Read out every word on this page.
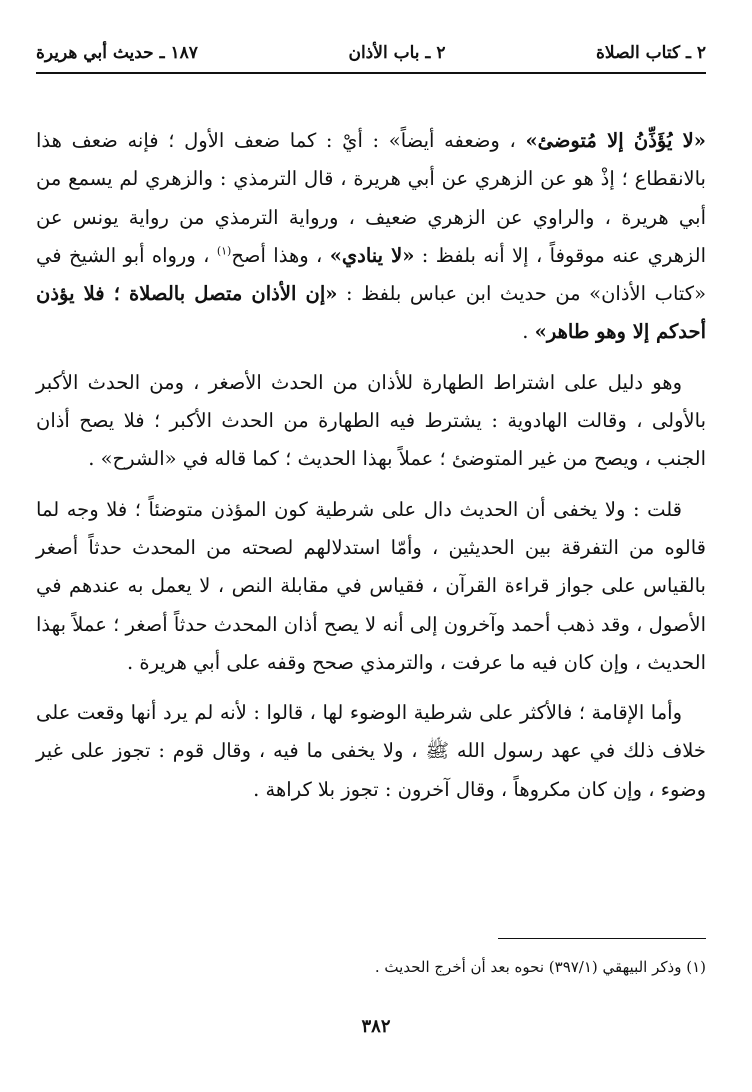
٢ ـ كتاب الصلاة
٢ ـ باب الأذان
١٨٧ ـ حديث أبي هريرة

«لا يُؤَذِّنُ إلا مُتوضئ» ، وضعفه أيضاً» : أيْ : كما ضعف الأول ؛ فإنه ضعف هذا بالانقطاع ؛ إذْ هو عن الزهري عن أبي هريرة ، قال الترمذي : والزهري لم يسمع من أبي هريرة ، والراوي عن الزهري ضعيف ، ورواية الترمذي من رواية يونس عن الزهري عنه موقوفاً ، إلا أنه بلفظ : «لا ينادي» ، وهذا أصح$^{(١)}$ ، ورواه أبو الشيخ في «كتاب الأذان» من حديث ابن عباس بلفظ : «إن الأذان متصل بالصلاة ؛ فلا يؤذن أحدكم إلا وهو طاهر» .

وهو دليل على اشتراط الطهارة للأذان من الحدث الأصغر ، ومن الحدث الأكبر بالأولى ، وقالت الهادوية : يشترط فيه الطهارة من الحدث الأكبر ؛ فلا يصح أذان الجنب ، ويصح من غير المتوضئ ؛ عملاً بهذا الحديث ؛ كما قاله في «الشرح» .

قلت : ولا يخفى أن الحديث دال على شرطية كون المؤذن متوضئاً ؛ فلا وجه لما قالوه من التفرقة بين الحديثين ، وأمّا استدلالهم لصحته من المحدث حدثاً أصغر بالقياس على جواز قراءة القرآن ، فقياس في مقابلة النص ، لا يعمل به عندهم في الأصول ، وقد ذهب أحمد وآخرون إلى أنه لا يصح أذان المحدث حدثاً أصغر ؛ عملاً بهذا الحديث ، وإن كان فيه ما عرفت ، والترمذي صحح وقفه على أبي هريرة .

وأما الإقامة ؛ فالأكثر على شرطية الوضوء لها ، قالوا : لأنه لم يرد أنها وقعت على خلاف ذلك في عهد رسول الله ﷺ ، ولا يخفى ما فيه ، وقال قوم : تجوز على غير وضوء ، وإن كان مكروهاً ، وقال آخرون : تجوز بلا كراهة .

(١) وذكر البيهقي (٣٩٧/١) نحوه بعد أن أخرج الحديث .
٣٨٢
